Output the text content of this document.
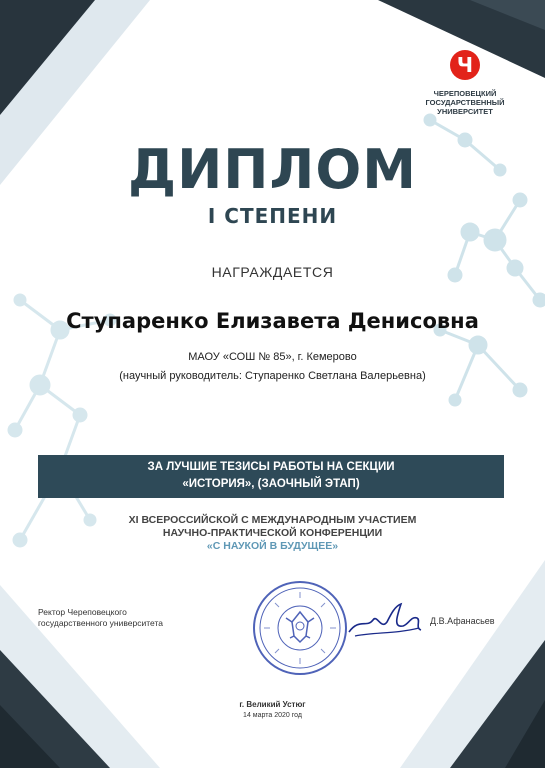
Ч
ЧЕРЕПОВЕЦКИЙ
ГОСУДАРСТВЕННЫЙ
УНИВЕРСИТЕТ
ДИПЛОМ
I СТЕПЕНИ
НАГРАЖДАЕТСЯ
Ступаренко Елизавета Денисовна
МАОУ «СОШ № 85», г. Кемерово
(научный руководитель: Ступаренко Светлана Валерьевна)
ЗА ЛУЧШИЕ ТЕЗИСЫ РАБОТЫ НА СЕКЦИИ
«ИСТОРИЯ», (ЗАОЧНЫЙ ЭТАП)
XI ВСЕРОССИЙСКОЙ С МЕЖДУНАРОДНЫМ УЧАСТИЕМ
НАУЧНО-ПРАКТИЧЕСКОЙ КОНФЕРЕНЦИИ
«С НАУКОЙ В БУДУЩЕЕ»
Ректор Череповецкого
государственного университета	Д.В.Афанасьев
г. Великий Устюг
14 марта 2020 год
